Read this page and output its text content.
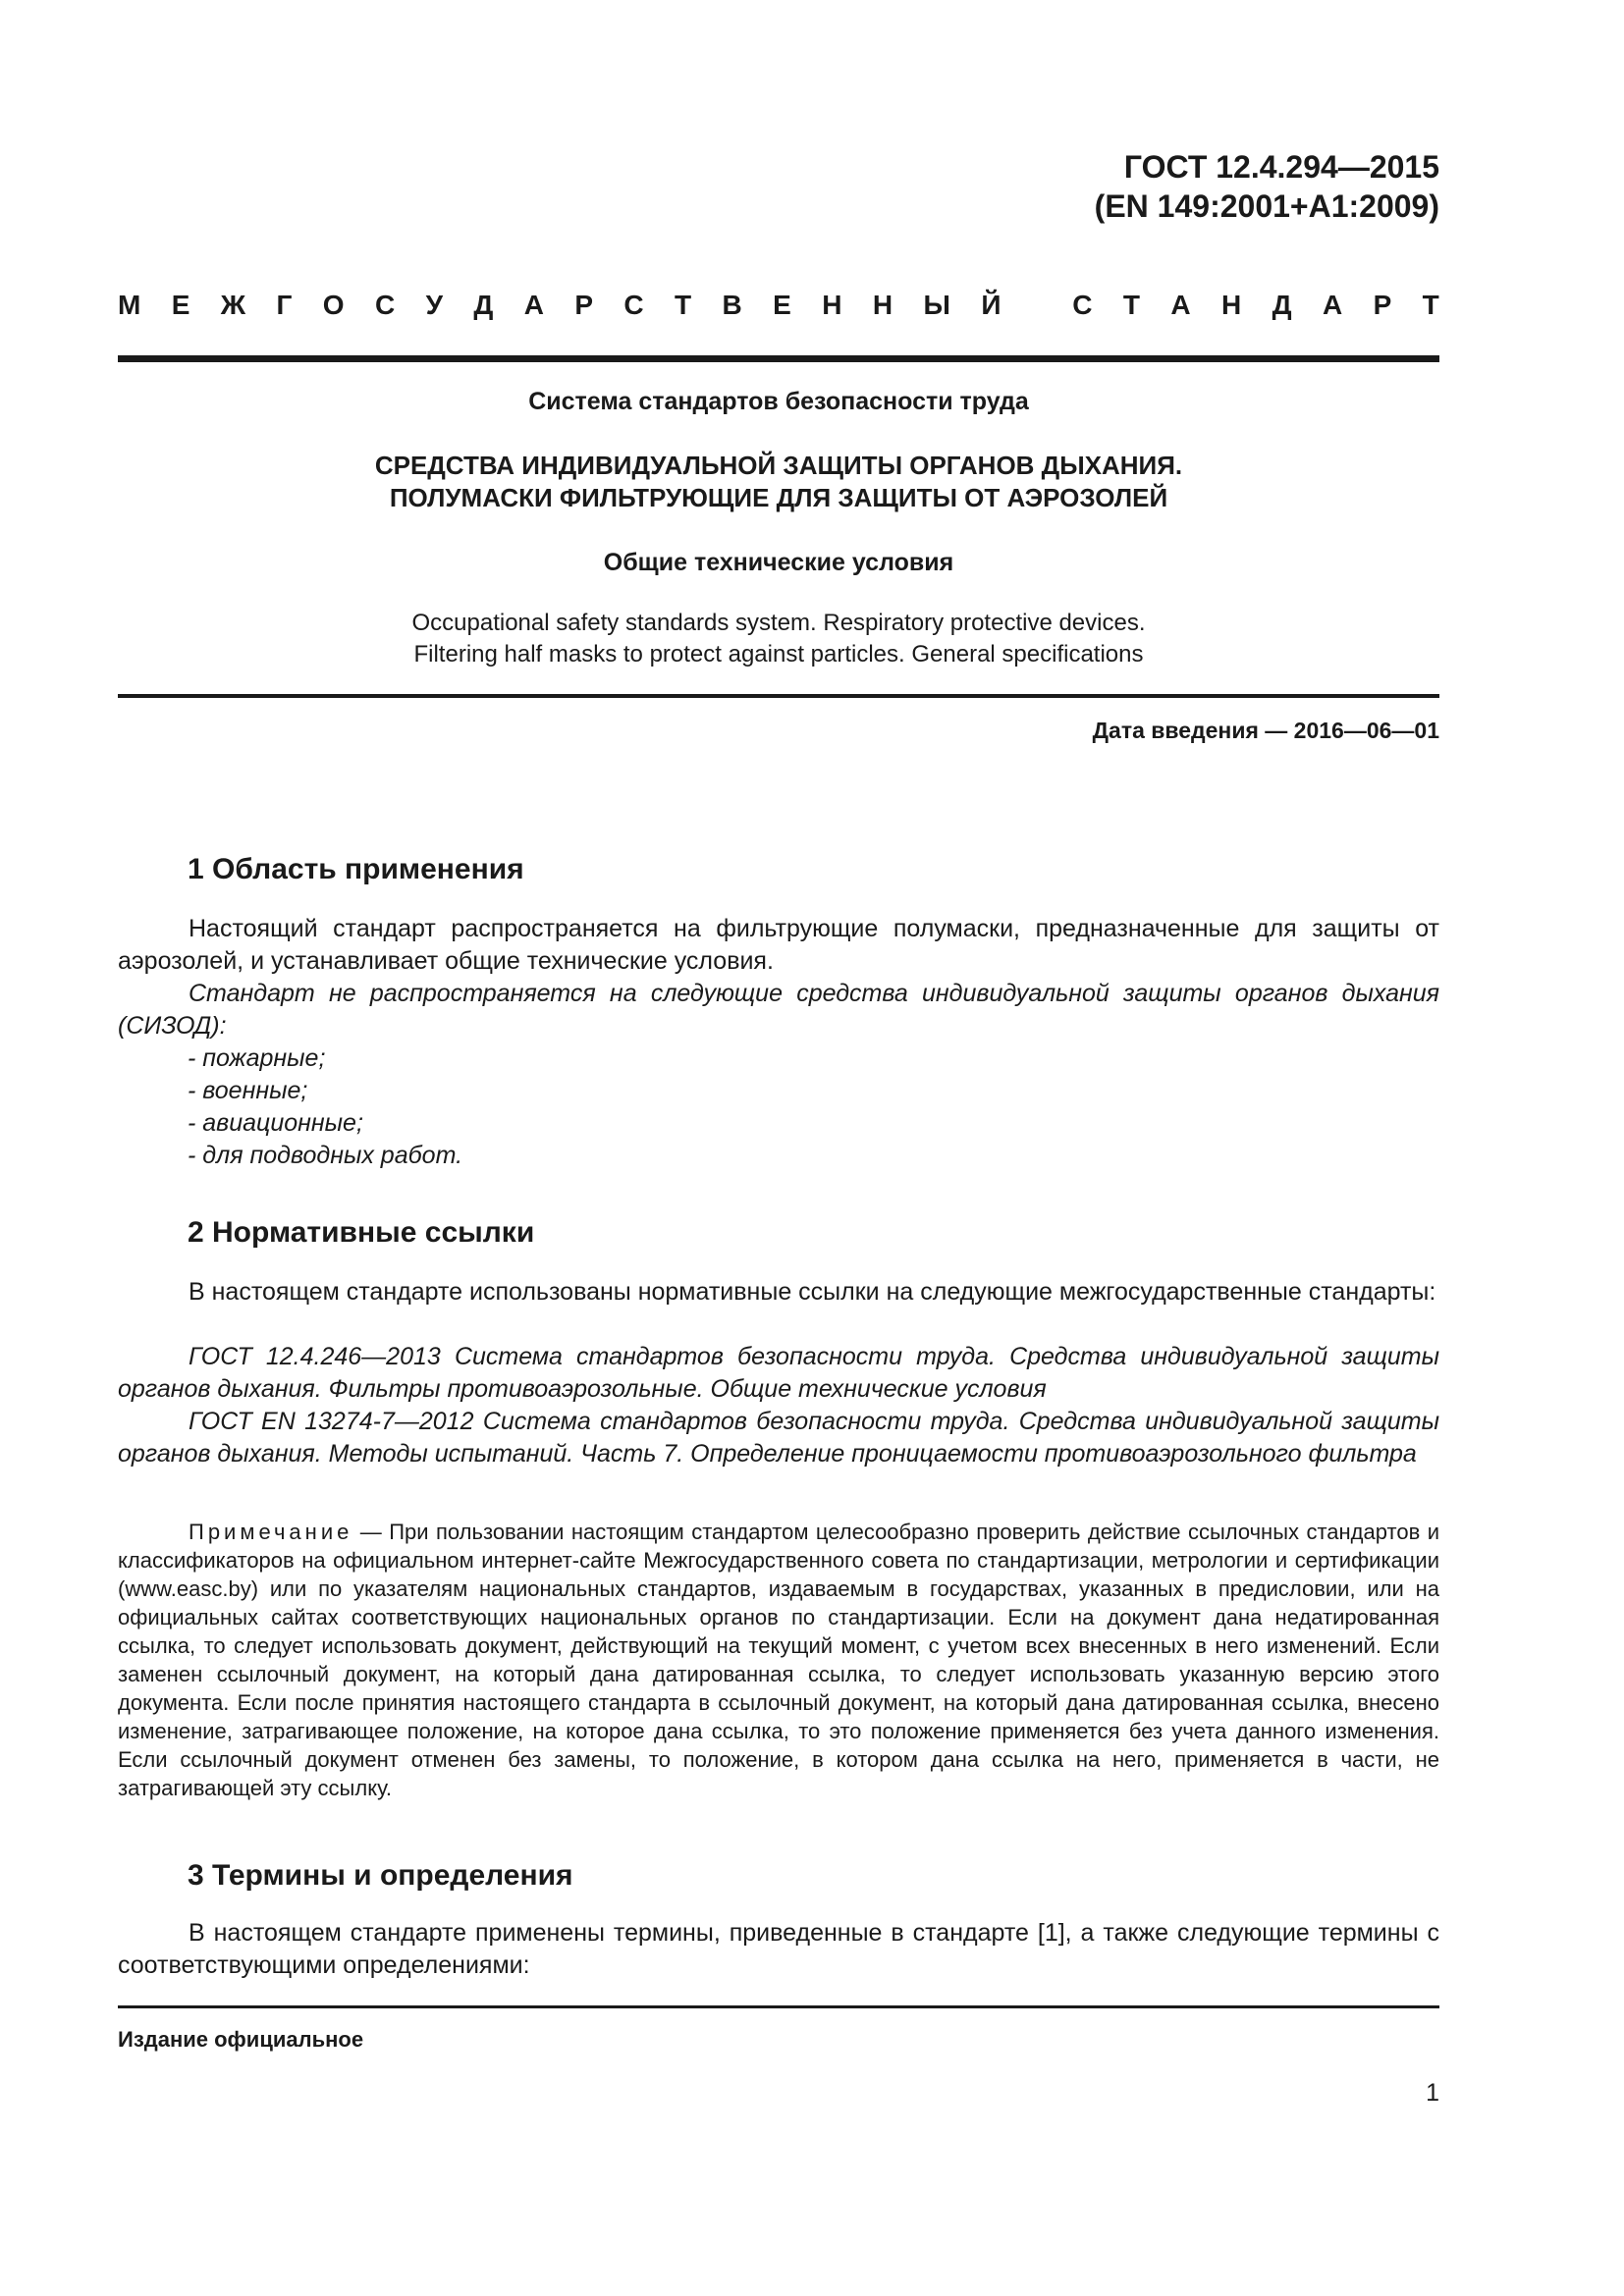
ГОСТ 12.4.294—2015
(EN 149:2001+A1:2009)
М Е Ж Г О С У Д А Р С Т В Е Н Н Ы Й	С Т А Н Д А Р Т
Система стандартов безопасности труда
СРЕДСТВА ИНДИВИДУАЛЬНОЙ ЗАЩИТЫ ОРГАНОВ ДЫХАНИЯ.
ПОЛУМАСКИ ФИЛЬТРУЮЩИЕ ДЛЯ ЗАЩИТЫ ОТ АЭРОЗОЛЕЙ
Общие технические условия
Occupational safety standards system. Respiratory protective devices.
Filtering half masks to protect against particles. General specifications
Дата введения — 2016—06—01
1 Область применения
Настоящий стандарт распространяется на фильтрующие полумаски, предназначенные для защиты от аэрозолей, и устанавливает общие технические условия.
Стандарт не распространяется на следующие средства индивидуальной защиты органов дыхания (СИЗОД):
- пожарные;
- военные;
- авиационные;
- для подводных работ.
2 Нормативные ссылки
В настоящем стандарте использованы нормативные ссылки на следующие межгосударственные стандарты:
ГОСТ 12.4.246—2013 Система стандартов безопасности труда. Средства индивидуальной защиты органов дыхания. Фильтры противоаэрозольные. Общие технические условия
ГОСТ EN 13274-7—2012 Система стандартов безопасности труда. Средства индивидуальной защиты органов дыхания. Методы испытаний. Часть 7. Определение проницаемости противоаэрозольного фильтра
Примечание — При пользовании настоящим стандартом целесообразно проверить действие ссылочных стандартов и классификаторов на официальном интернет-сайте Межгосударственного совета по стандартизации, метрологии и сертификации (www.easc.by) или по указателям национальных стандартов, издаваемым в государствах, указанных в предисловии, или на официальных сайтах соответствующих национальных органов по стандартизации. Если на документ дана недатированная ссылка, то следует использовать документ, действующий на текущий момент, с учетом всех внесенных в него изменений. Если заменен ссылочный документ, на который дана датированная ссылка, то следует использовать указанную версию этого документа. Если после принятия настоящего стандарта в ссылочный документ, на который дана датированная ссылка, внесено изменение, затрагивающее положение, на которое дана ссылка, то это положение применяется без учета данного изменения. Если ссылочный документ отменен без замены, то положение, в котором дана ссылка на него, применяется в части, не затрагивающей эту ссылку.
3 Термины и определения
В настоящем стандарте применены термины, приведенные в стандарте [1], а также следующие термины с соответствующими определениями:
Издание официальное
1
